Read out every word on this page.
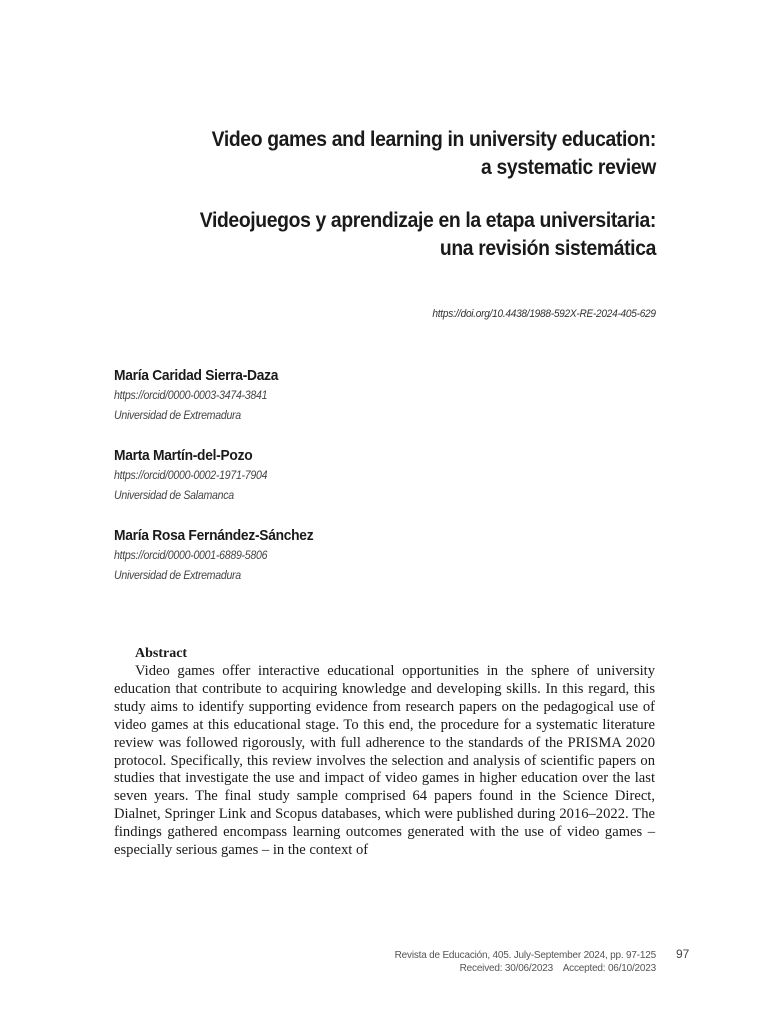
Video games and learning in university education:
a systematic review
Videojuegos y aprendizaje en la etapa universitaria:
una revisión sistemática
https://doi.org/10.4438/1988-592X-RE-2024-405-629
María Caridad Sierra-Daza
https://orcid/0000-0003-3474-3841
Universidad de Extremadura
Marta Martín-del-Pozo
https://orcid/0000-0002-1971-7904
Universidad de Salamanca
María Rosa Fernández-Sánchez
https://orcid/0000-0001-6889-5806
Universidad de Extremadura
Abstract

Video games offer interactive educational opportunities in the sphere of university education that contribute to acquiring knowledge and developing skills. In this regard, this study aims to identify supporting evidence from research papers on the pedagogical use of video games at this educational stage. To this end, the procedure for a systematic literature review was followed rigorously, with full adherence to the standards of the PRISMA 2020 protocol. Specifically, this review involves the selection and analysis of scientific papers on studies that investigate the use and impact of video games in higher education over the last seven years. The final study sample comprised 64 papers found in the Science Direct, Dialnet, Springer Link and Scopus databases, which were published during 2016–2022. The findings gathered encompass learning outcomes generated with the use of video games – especially serious games – in the context of

Revista de Educación, 405. July-September 2024, pp. 97-125
Received: 30/06/2023    Accepted: 06/10/2023
97
